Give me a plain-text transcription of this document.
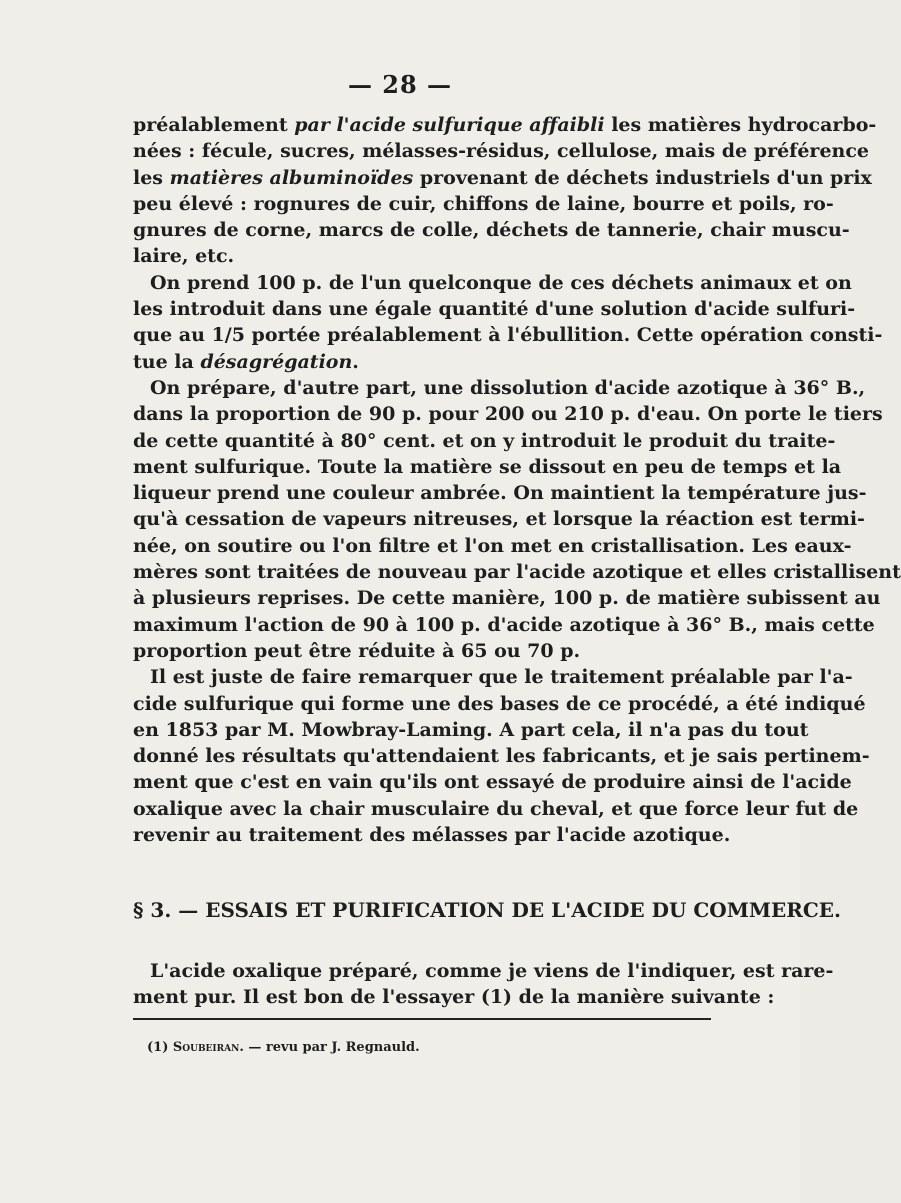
— 28 —
préalablement par l'acide sulfurique affaibli les matières hydrocarbo-
nées : fécule, sucres, mélasses-résidus, cellulose, mais de préférence
les matières albuminoïdes provenant de déchets industriels d'un prix
peu élevé : rognures de cuir, chiffons de laine, bourre et poils, ro-
gnures de corne, marcs de colle, déchets de tannerie, chair muscu-
laire, etc.
On prend 100 p. de l'un quelconque de ces déchets animaux et on
les introduit dans une égale quantité d'une solution d'acide sulfuri-
que au 1/5 portée préalablement à l'ébullition. Cette opération consti-
tue la désagrégation.
On prépare, d'autre part, une dissolution d'acide azotique à 36° B.,
dans la proportion de 90 p. pour 200 ou 210 p. d'eau. On porte le tiers
de cette quantité à 80° cent. et on y introduit le produit du traite-
ment sulfurique. Toute la matière se dissout en peu de temps et la
liqueur prend une couleur ambrée. On maintient la température jus-
qu'à cessation de vapeurs nitreuses, et lorsque la réaction est termi-
née, on soutire ou l'on filtre et l'on met en cristallisation. Les eaux-
mères sont traitées de nouveau par l'acide azotique et elles cristallisent
à plusieurs reprises. De cette manière, 100 p. de matière subissent au
maximum l'action de 90 à 100 p. d'acide azotique à 36° B., mais cette
proportion peut être réduite à 65 ou 70 p.
Il est juste de faire remarquer que le traitement préalable par l'a-
cide sulfurique qui forme une des bases de ce procédé, a été indiqué
en 1853 par M. Mowbray-Laming. A part cela, il n'a pas du tout
donné les résultats qu'attendaient les fabricants, et je sais pertinem-
ment que c'est en vain qu'ils ont essayé de produire ainsi de l'acide
oxalique avec la chair musculaire du cheval, et que force leur fut de
revenir au traitement des mélasses par l'acide azotique.
§ 3. — ESSAIS ET PURIFICATION DE L'ACIDE DU COMMERCE.
L'acide oxalique préparé, comme je viens de l'indiquer, est rare-
ment pur. Il est bon de l'essayer (1) de la manière suivante :
(1) Soubeiran. — revu par J. Regnauld.
